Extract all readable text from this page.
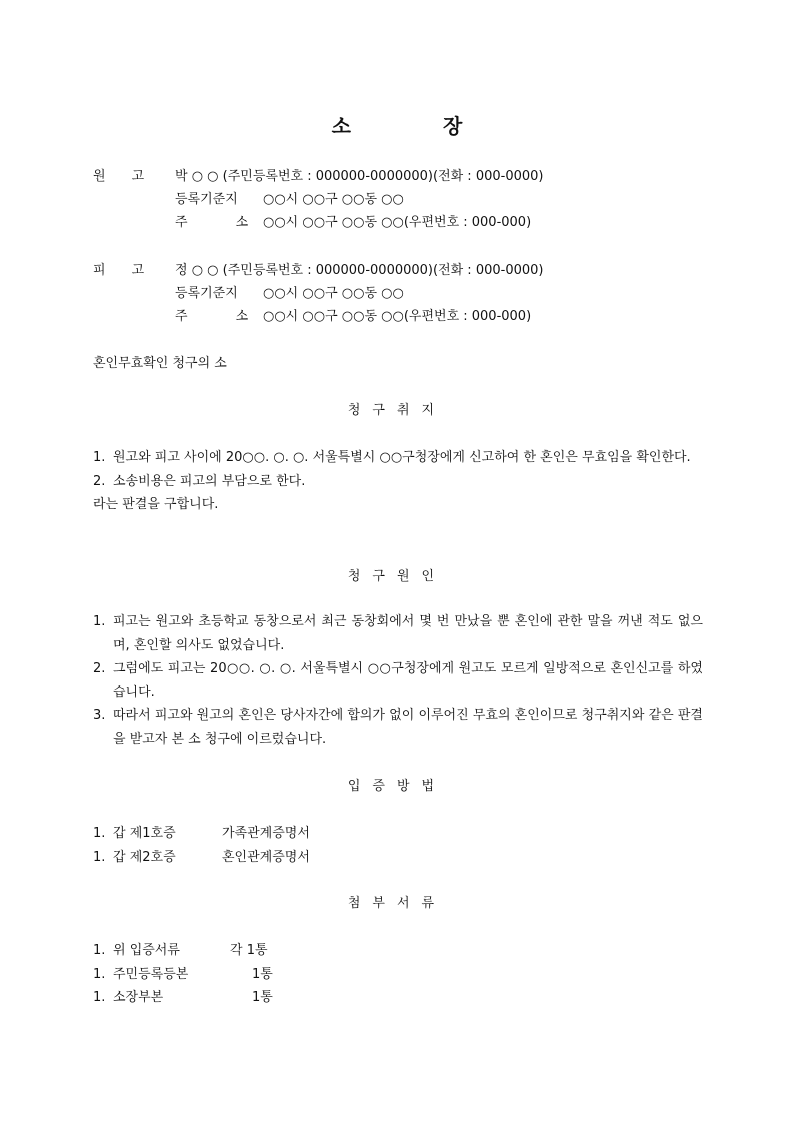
소	장
원 고	박 ○ ○ (주민등록번호 : 000000-0000000)(전화 : 000-0000)
등록기준지 ○○시 ○○구 ○○동 ○○
주	소 ○○시 ○○구 ○○동 ○○(우편번호 : 000-000)
피 고	정 ○ ○ (주민등록번호 : 000000-0000000)(전화 : 000-0000)
등록기준지 ○○시 ○○구 ○○동 ○○
주	소 ○○시 ○○구 ○○동 ○○(우편번호 : 000-000)
혼인무효확인 청구의 소
청구취지
1. 원고와 피고 사이에 20○○. ○. ○. 서울특별시 ○○구청장에게 신고하여 한 혼인은 무효임을 확인한다.
2. 소송비용은 피고의 부담으로 한다.
라는 판결을 구합니다.
청구원인
1. 피고는 원고와 초등학교 동창으로서 최근 동창회에서 몇 번 만났을 뿐 혼인에 관한 말을 꺼낸 적도 없으며, 혼인할 의사도 없었습니다.
2. 그럼에도 피고는 20○○. ○. ○. 서울특별시 ○○구청장에게 원고도 모르게 일방적으로 혼인신고를 하였습니다.
3. 따라서 피고와 원고의 혼인은 당사자간에 합의가 없이 이루어진 무효의 혼인이므로 청구취지와 같은 판결을 받고자 본 소 청구에 이르렀습니다.
입증방법
1. 갑 제1호증	가족관계증명서
1. 갑 제2호증	혼인관계증명서
첨부서류
1. 위 입증서류	각 1통
1. 주민등록등본	1통
1. 소장부본	1통
